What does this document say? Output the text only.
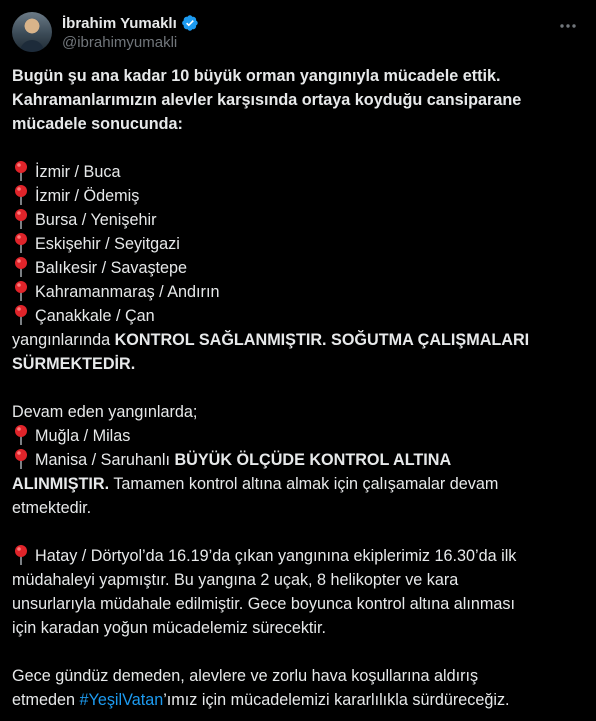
İbrahim Yumaklı
@ibrahimyumakli
Bugün şu ana kadar 10 büyük orman yangınıyla mücadele ettik.
Kahramanlarımızın alevler karşısında ortaya koyduğu cansiparane
mücadele sonucunda:
İzmir / Buca
İzmir / Ödemiş
Bursa / Yenişehir
Eskişehir / Seyitgazi
Balıkesir / Savaştepe
Kahramanmaraş / Andırın
Çanakkale / Çan
yangınlarında KONTROL SAĞLANMIŞTIR. SOĞUTMA ÇALIŞMALARI
SÜRMEKTEDİR.
Devam eden yangınlarda;
Muğla / Milas
Manisa / Saruhanlı BÜYÜK ÖLÇÜDE KONTROL ALTINA
ALINMIŞTIR. Tamamen kontrol altına almak için çalışamalar devam
etmektedir.
Hatay / Dörtyol’da 16.19’da çıkan yangınına ekiplerimiz 16.30’da ilk
müdahaleyi yapmıştır. Bu yangına 2 uçak, 8 helikopter ve kara
unsurlarıyla müdahale edilmiştir. Gece boyunca kontrol altına alınması
için karadan yoğun mücadelemiz sürecektir.
Gece gündüz demeden, alevlere ve zorlu hava koşullarına aldırış
etmeden #YeşilVatan’ımız için mücadelemizi kararlılıkla sürdüreceğiz.
